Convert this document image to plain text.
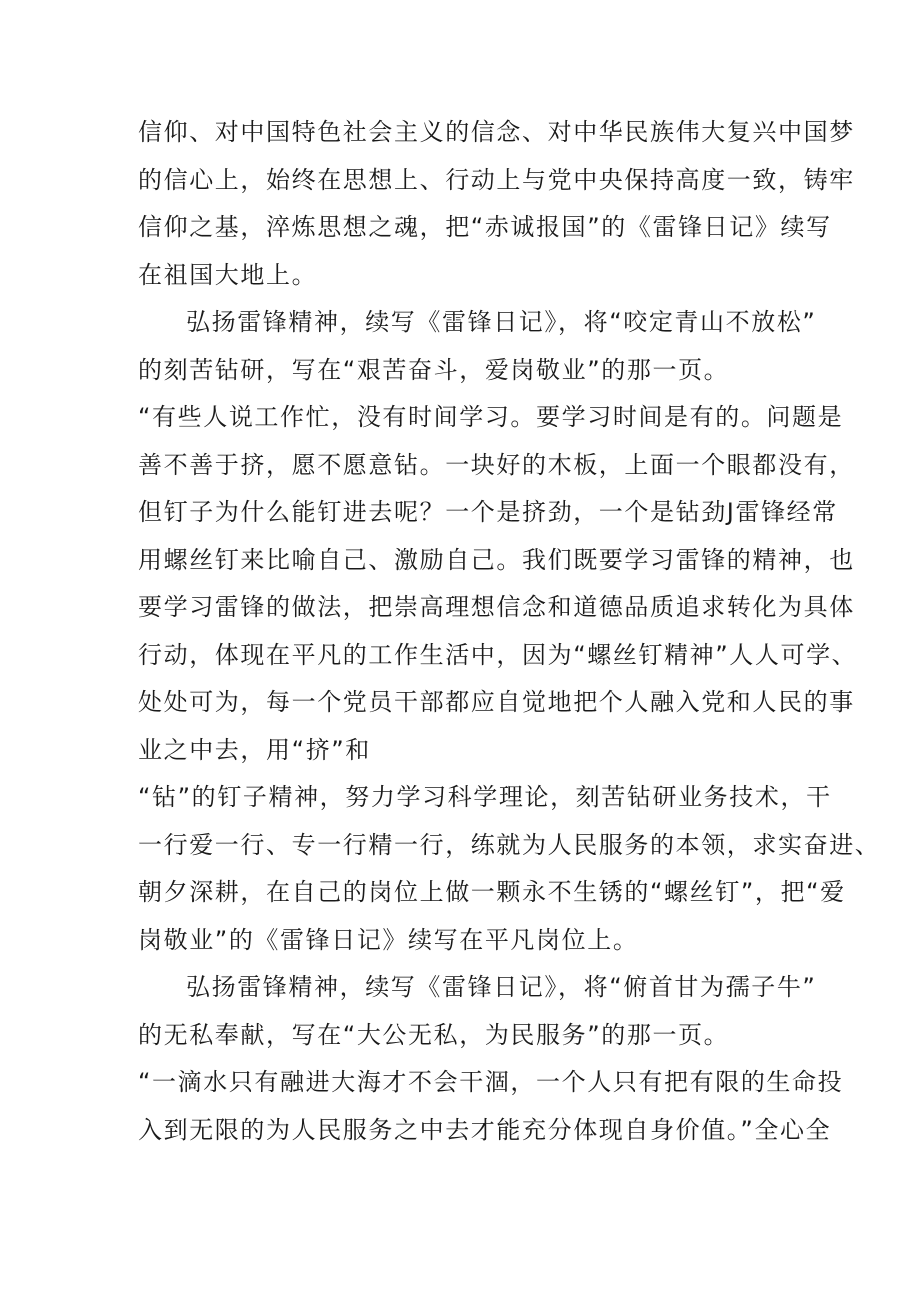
信仰、对中国特色社会主义的信念、对中华民族伟大复兴中国梦
的信心上，始终在思想上、行动上与党中央保持高度一致，铸牢
信仰之基，淬炼思想之魂，把“赤诚报国”的《雷锋日记》续写
在祖国大地上。
弘扬雷锋精神，续写《雷锋日记》，将“咬定青山不放松”
的刻苦钻研，写在“艰苦奋斗，爱岗敬业”的那一页。
“有些人说工作忙，没有时间学习。要学习时间是有的。问题是
善不善于挤，愿不愿意钻。一块好的木板，上面一个眼都没有，
但钉子为什么能钉进去呢？一个是挤劲，一个是钻劲J雷锋经常
用螺丝钉来比喻自己、激励自己。我们既要学习雷锋的精神，也
要学习雷锋的做法，把崇高理想信念和道德品质追求转化为具体
行动，体现在平凡的工作生活中，因为“螺丝钉精神”人人可学、
处处可为，每一个党员干部都应自觉地把个人融入党和人民的事
业之中去，用“挤”和
“钻”的钉子精神，努力学习科学理论，刻苦钻研业务技术，干
一行爱一行、专一行精一行，练就为人民服务的本领，求实奋进、
朝夕深耕，在自己的岗位上做一颗永不生锈的“螺丝钉”，把“爱
岗敬业”的《雷锋日记》续写在平凡岗位上。
弘扬雷锋精神，续写《雷锋日记》，将“俯首甘为孺子牛”
的无私奉献，写在“大公无私，为民服务”的那一页。
“一滴水只有融进大海才不会干涸，一个人只有把有限的生命投
入到无限的为人民服务之中去才能充分体现自身价值。”全心全
